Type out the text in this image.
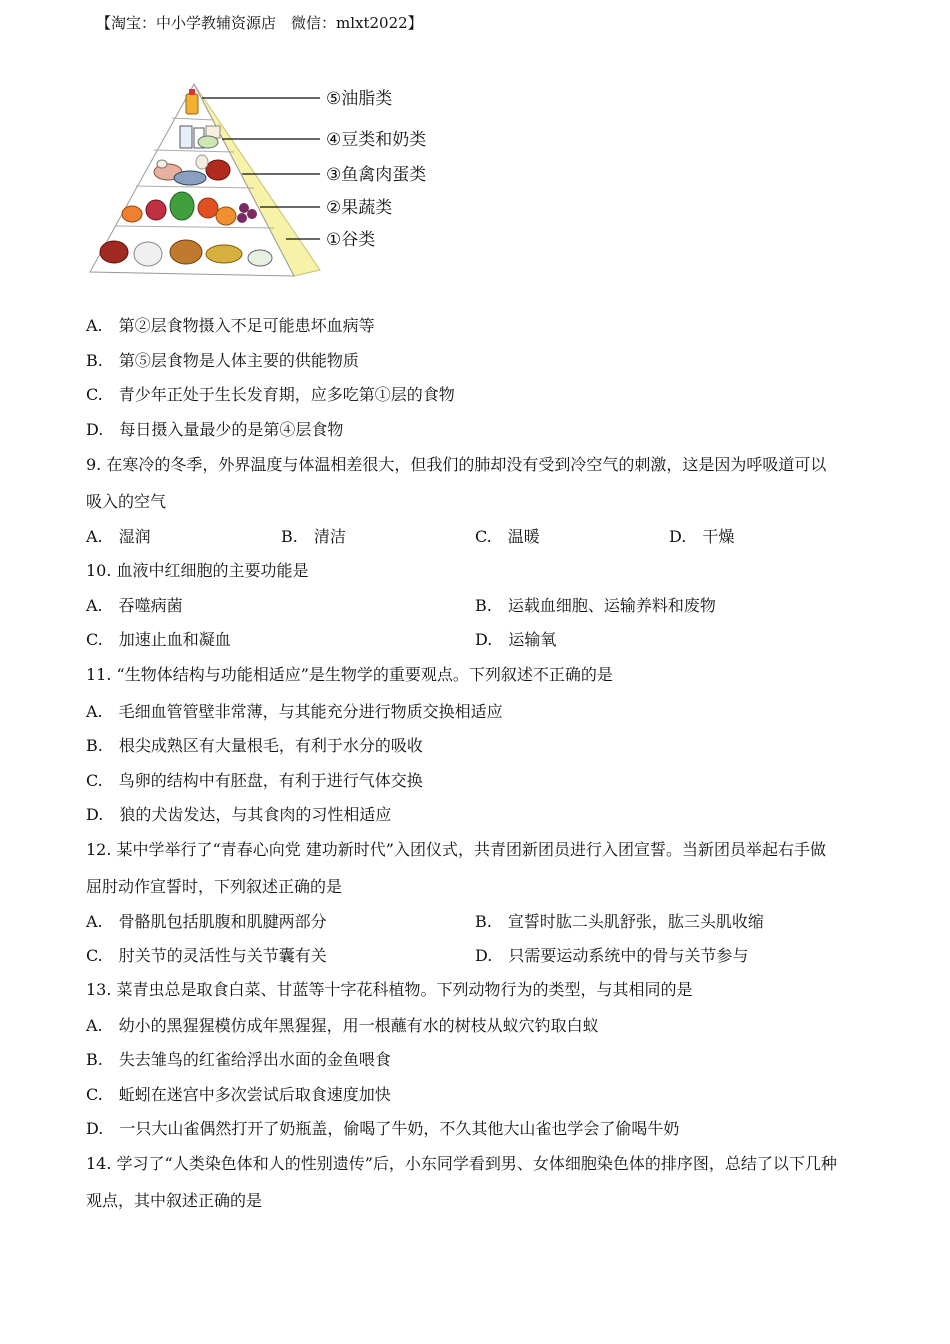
【淘宝：中小学教辅资源店　微信：mlxt2022】
⑤油脂类
④豆类和奶类
③鱼禽肉蛋类
②果蔬类
①谷类
A.　第②层食物摄入不足可能患坏血病等
B.　第⑤层食物是人体主要的供能物质
C.　青少年正处于生长发育期，应多吃第①层的食物
D.　每日摄入量最少的是第④层食物
9. 在寒冷的冬季，外界温度与体温相差很大，但我们的肺却没有受到冷空气的刺激，这是因为呼吸道可以
吸入的空气
A.　湿润	B.　清洁	C.　温暖	D.　干燥
10. 血液中红细胞的主要功能是
A.　吞噬病菌	B.　运载血细胞、运输养料和废物
C.　加速止血和凝血	D.　运输氧
11. “生物体结构与功能相适应”是生物学的重要观点。下列叙述不正确的是
A.　毛细血管管壁非常薄，与其能充分进行物质交换相适应
B.　根尖成熟区有大量根毛，有利于水分的吸收
C.　鸟卵的结构中有胚盘，有利于进行气体交换
D.　狼的犬齿发达，与其食肉的习性相适应
12. 某中学举行了“青春心向党 建功新时代”入团仪式，共青团新团员进行入团宣誓。当新团员举起右手做
屈肘动作宣誓时，下列叙述正确的是
A.　骨骼肌包括肌腹和肌腱两部分	B.　宣誓时肱二头肌舒张，肱三头肌收缩
C.　肘关节的灵活性与关节囊有关	D.　只需要运动系统中的骨与关节参与
13. 菜青虫总是取食白菜、甘蓝等十字花科植物。下列动物行为的类型，与其相同的是
A.　幼小的黑猩猩模仿成年黑猩猩，用一根蘸有水的树枝从蚁穴钓取白蚁
B.　失去雏鸟的红雀给浮出水面的金鱼喂食
C.　蚯蚓在迷宫中多次尝试后取食速度加快
D.　一只大山雀偶然打开了奶瓶盖，偷喝了牛奶，不久其他大山雀也学会了偷喝牛奶
14. 学习了“人类染色体和人的性别遗传”后，小东同学看到男、女体细胞染色体的排序图，总结了以下几种
观点，其中叙述正确的是
